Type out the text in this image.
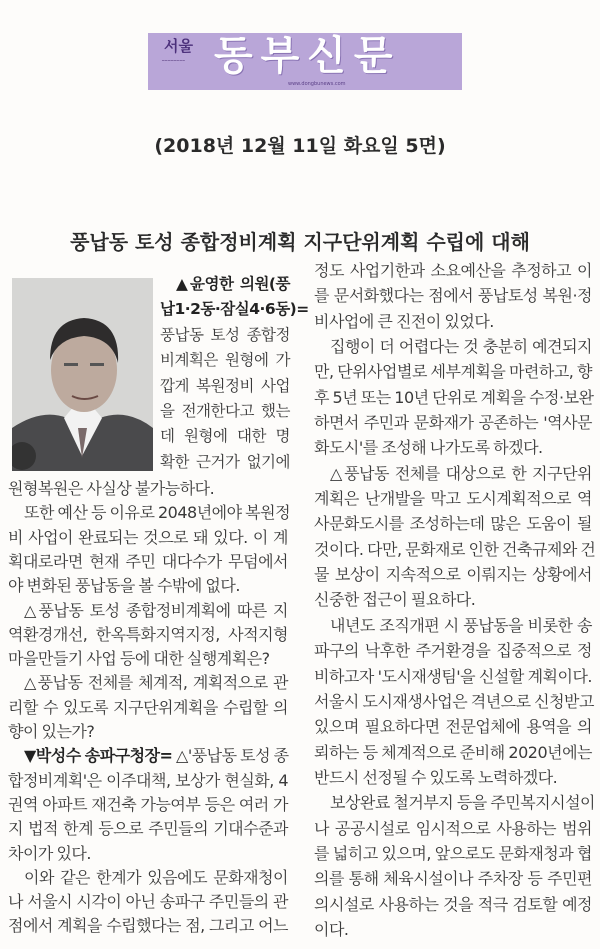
서울
━━━━━━━━ 동부신문
www.dongbunews.com
(2018년 12월 11일 화요일 5면)
풍납동 토성 종합정비계획 지구단위계획 수립에 대해
▲윤영한 의원(풍
납1·2동·잠실4·6동)=
풍납동 토성 종합정
비계획은 원형에 가
깝게 복원정비 사업
을 전개한다고 했는
데 원형에 대한 명
확한 근거가 없기에
원형복원은 사실상 불가능하다.
또한 예산 등 이유로 2048년에야 복원정
비 사업이 완료되는 것으로 돼 있다. 이 계
획대로라면 현재 주민 대다수가 무덤에서
야 변화된 풍납동을 볼 수밖에 없다.
△풍납동 토성 종합정비계획에 따른 지
역환경개선, 한옥특화지역지정, 사적지형
마을만들기 사업 등에 대한 실행계획은?
△풍납동 전체를 체계적, 계획적으로 관
리할 수 있도록 지구단위계획을 수립할 의
향이 있는가?
▼박성수 송파구청장= △'풍납동 토성 종
합정비계획'은 이주대책, 보상가 현실화, 4
권역 아파트 재건축 가능여부 등은 여러 가
지 법적 한계 등으로 주민들의 기대수준과
차이가 있다.
이와 같은 한계가 있음에도 문화재청이
나 서울시 시각이 아닌 송파구 주민들의 관
점에서 계획을 수립했다는 점, 그리고 어느
정도 사업기한과 소요예산을 추정하고 이
를 문서화했다는 점에서 풍납토성 복원·정
비사업에 큰 진전이 있었다.
집행이 더 어렵다는 것 충분히 예견되지
만, 단위사업별로 세부계획을 마련하고, 향
후 5년 또는 10년 단위로 계획을 수정·보완
하면서 주민과 문화재가 공존하는 '역사문
화도시'를 조성해 나가도록 하겠다.
△풍납동 전체를 대상으로 한 지구단위
계획은 난개발을 막고 도시계획적으로 역
사문화도시를 조성하는데 많은 도움이 될
것이다. 다만, 문화재로 인한 건축규제와 건
물 보상이 지속적으로 이뤄지는 상황에서
신중한 접근이 필요하다.
내년도 조직개편 시 풍납동을 비롯한 송
파구의 낙후한 주거환경을 집중적으로 정
비하고자 '도시재생팀'을 신설할 계획이다.
서울시 도시재생사업은 격년으로 신청받고
있으며 필요하다면 전문업체에 용역을 의
뢰하는 등 체계적으로 준비해 2020년에는
반드시 선정될 수 있도록 노력하겠다.
보상완료 철거부지 등을 주민복지시설이
나 공공시설로 임시적으로 사용하는 범위
를 넓히고 있으며, 앞으로도 문화재청과 협
의를 통해 체육시설이나 주차장 등 주민편
의시설로 사용하는 것을 적극 검토할 예정
이다.
